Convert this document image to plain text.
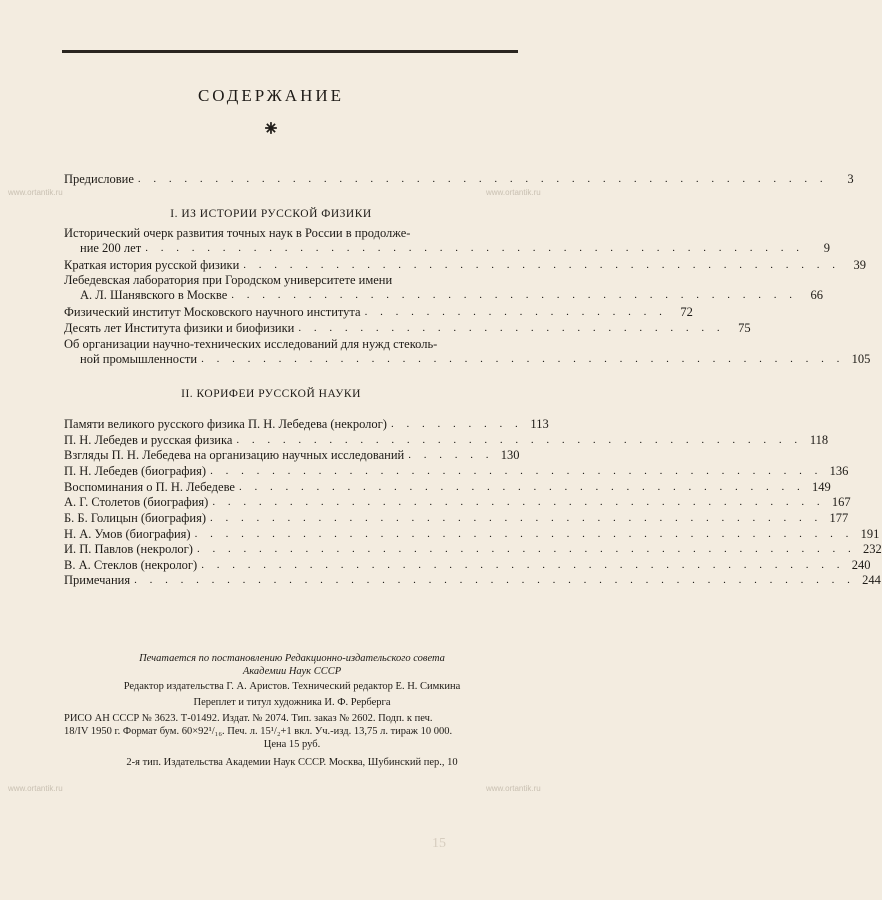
СОДЕРЖАНИЕ
⁕
Предисловие . . . . . . . . . . . . . . . . . . . . . . . . . . . . . . . . . . . . . . . . . . . . .	3
I. ИЗ ИСТОРИИ РУССКОЙ ФИЗИКИ
Исторический очерк развития точных наук в России в продолже-
ние 200 лет . . . . . . . . . . . . . . . . . . . . . . . . . . . . . . . . . . . . . . . . . . .	9
Краткая история русской физики . . . . . . . . . . . . . . . . . . . . . . . . . . . . . . . . . . . . . . .	39
Лебедевская лаборатория при Городском университете имени
А. Л. Шанявского в Москве . . . . . . . . . . . . . . . . . . . . . . . . . . . . . . . . . . . . .	66
Физический институт Московского научного института . . . . . . . . . . . . . . . . . . . .	72
Десять лет Института физики и биофизики . . . . . . . . . . . . . . . . . . . . . . . . . . . .	75
Об организации научно-технических исследований для нужд стеколь-
ной промышленности . . . . . . . . . . . . . . . . . . . . . . . . . . . . . . . . . . . . . . . . . . 105
II. КОРИФЕИ РУССКОЙ НАУКИ
Памяти великого русского физика П. Н. Лебедева (некролог) . . . . . . . . . 113
П. Н. Лебедев и русская физика . . . . . . . . . . . . . . . . . . . . . . . . . . . . . . . . . . . . . 118
Взгляды П. Н. Лебедева на организацию научных исследований . . . . . . 130
П. Н. Лебедев (биография) . . . . . . . . . . . . . . . . . . . . . . . . . . . . . . . . . . . . . . . . 136
Воспоминания о П. Н. Лебедеве . . . . . . . . . . . . . . . . . . . . . . . . . . . . . . . . . . . . . 149
А. Г. Столетов (биография) . . . . . . . . . . . . . . . . . . . . . . . . . . . . . . . . . . . . . . . . 167
Б. Б. Голицын (биография) . . . . . . . . . . . . . . . . . . . . . . . . . . . . . . . . . . . . . . . . 177
Н. А. Умов (биография) . . . . . . . . . . . . . . . . . . . . . . . . . . . . . . . . . . . . . . . . . . . 191
И. П. Павлов (некролог) . . . . . . . . . . . . . . . . . . . . . . . . . . . . . . . . . . . . . . . . . . . 232
В. А. Стеклов (некролог) . . . . . . . . . . . . . . . . . . . . . . . . . . . . . . . . . . . . . . . . . . 240
Примечания . . . . . . . . . . . . . . . . . . . . . . . . . . . . . . . . . . . . . . . . . . . . . . . 244
Печатается по постановлению Редакционно-издательского совета
Академии Наук СССР
Редактор издательства Г. А. Аристов. Технический редактор Е. Н. Симкина
Переплет и титул художника И. Ф. Рерберга
РИСО АН СССР № 3623. Т-01492. Издат. № 2074. Тип. заказ № 2602. Подп. к печ.
18/IV 1950 г. Формат бум. 60×92¹/₁₆. Печ. л. 15¹/₂+1 вкл. Уч.-изд. 13,75 л. тираж 10 000.
Цена 15 руб.
2-я тип. Издательства Академии Наук СССР. Москва, Шубинский пер., 10
www.ortantik.ru	www.ortantik.ru
www.ortantik.ru	www.ortantik.ru
15
